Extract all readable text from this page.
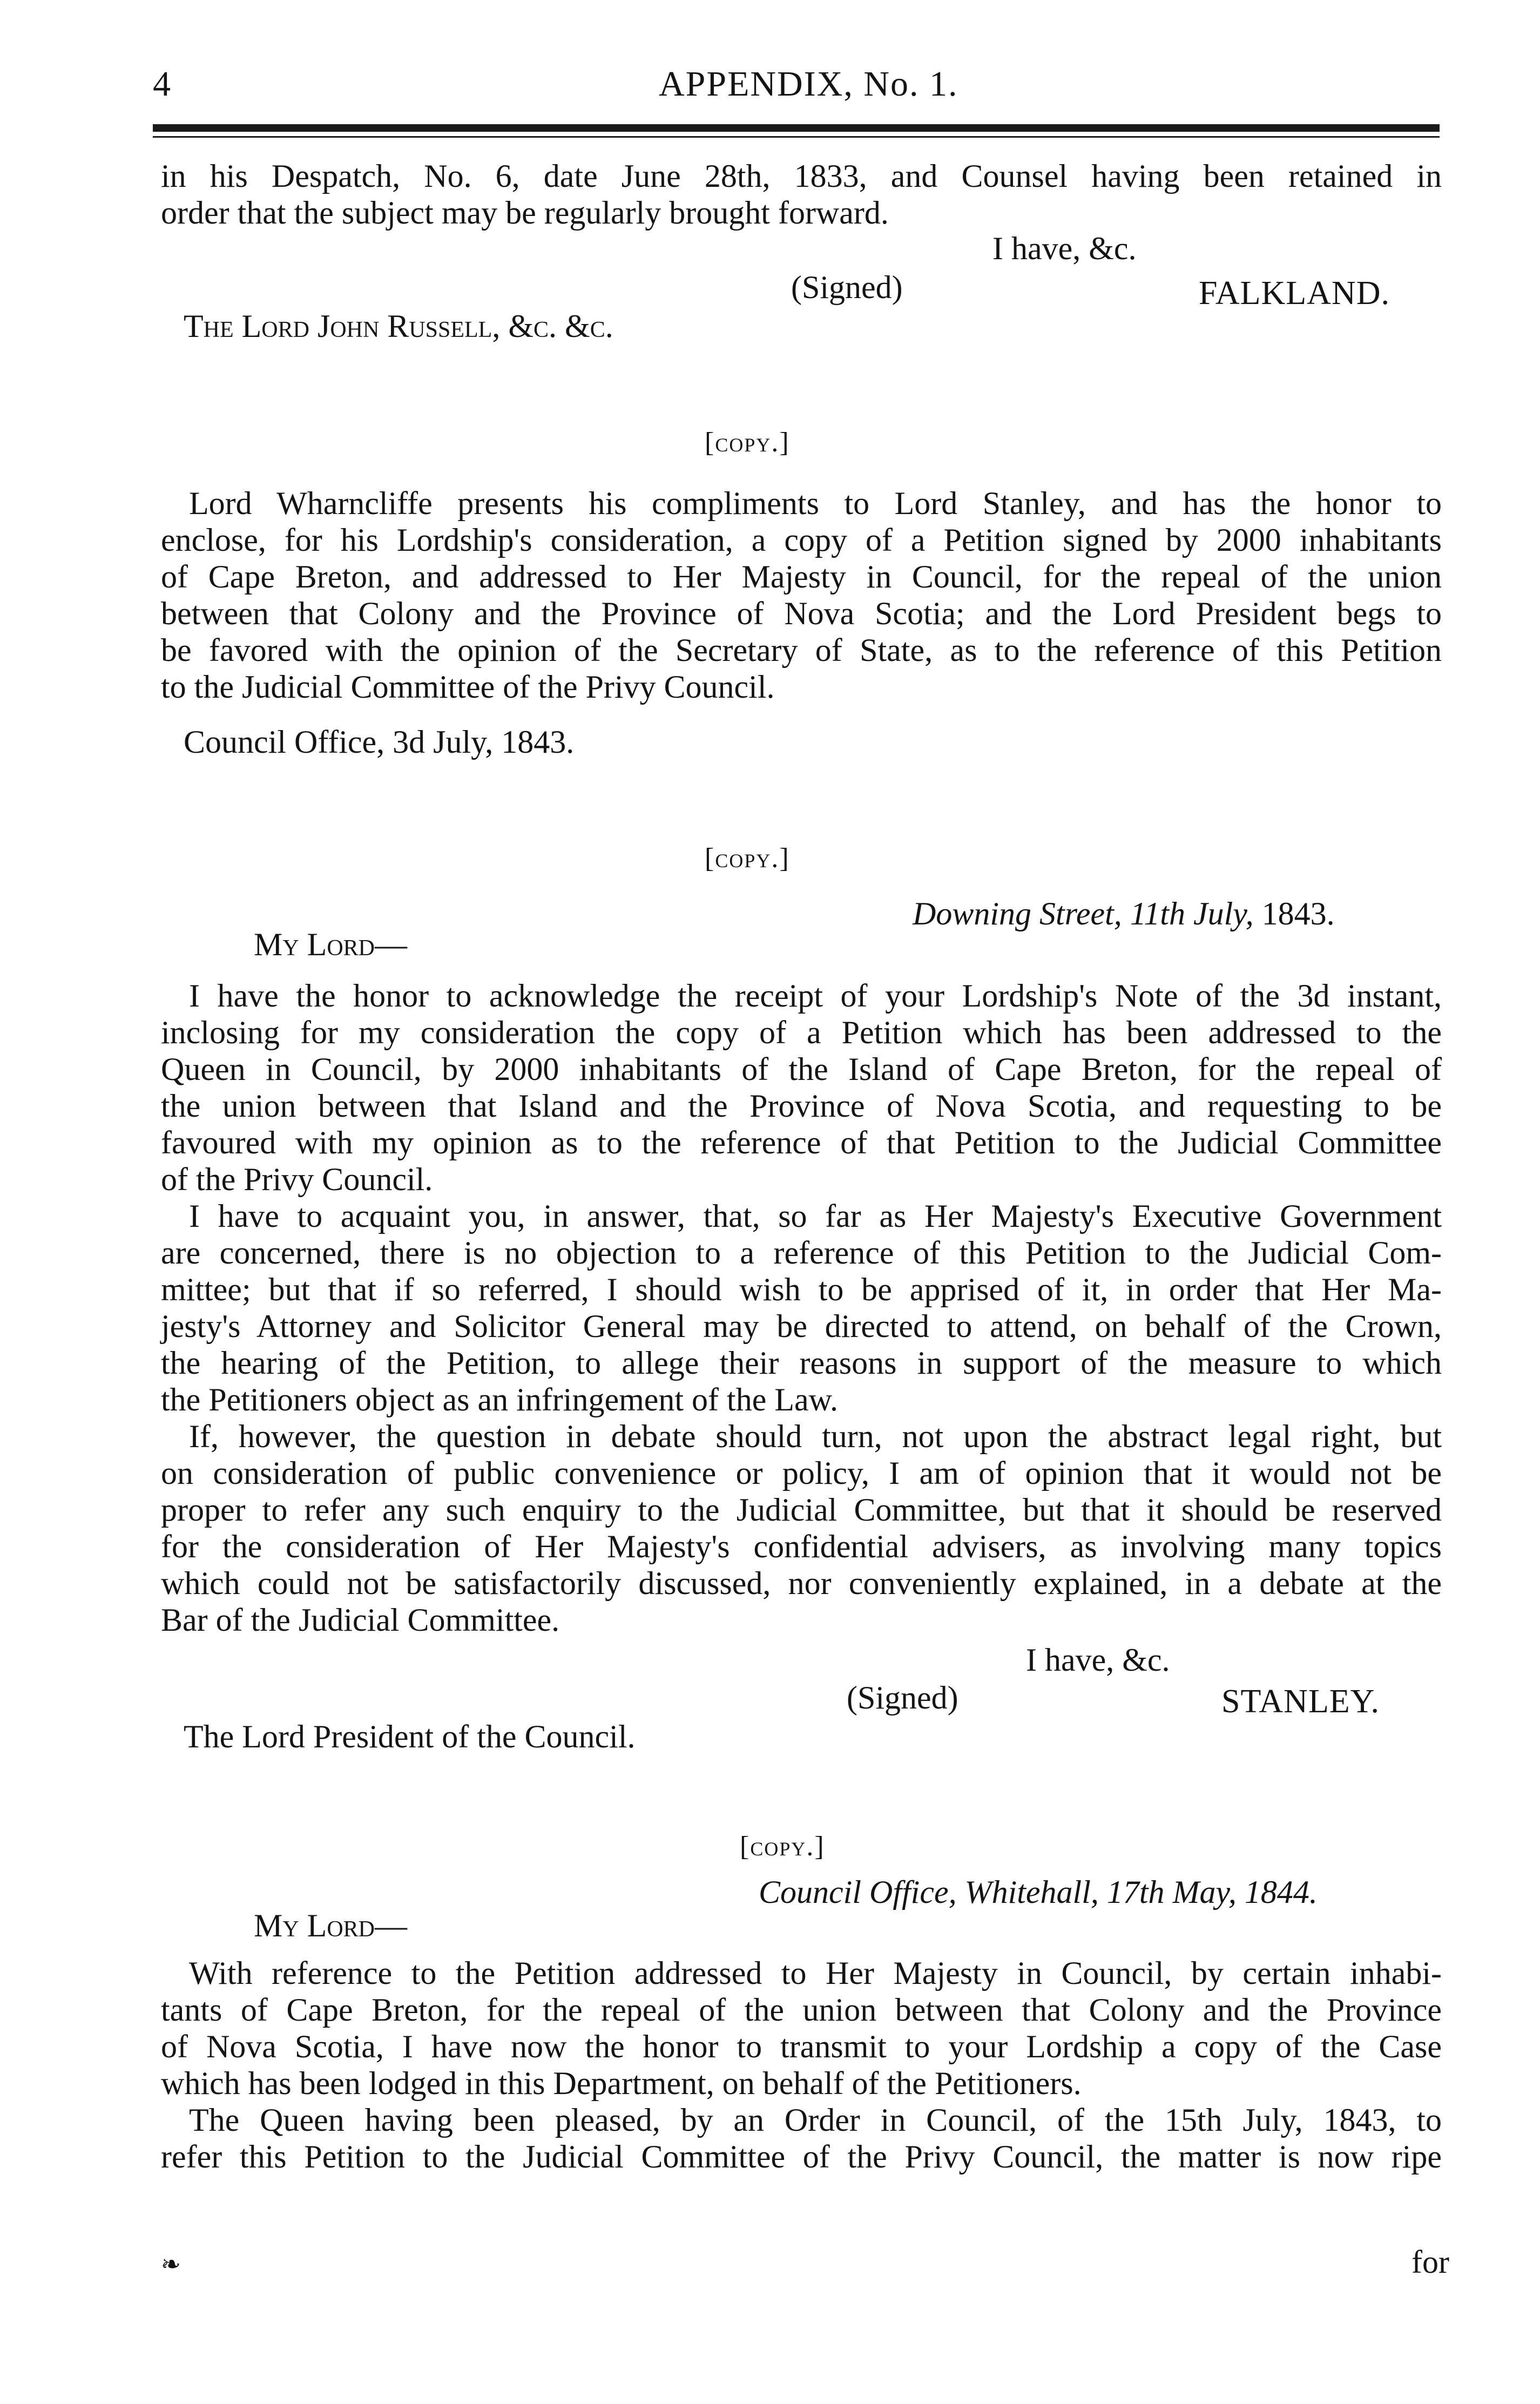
4	APPENDIX, No. 1.
in his Despatch, No. 6, date June 28th, 1833, and Counsel having been retained in
order that the subject may be regularly brought forward.
I have, &c.
(Signed)	FALKLAND.
The Lord John Russell, &c. &c.
[copy.]
Lord Wharncliffe presents his compliments to Lord Stanley, and has the honor to
enclose, for his Lordship's consideration, a copy of a Petition signed by 2000 inhabitants
of Cape Breton, and addressed to Her Majesty in Council, for the repeal of the union
between that Colony and the Province of Nova Scotia; and the Lord President begs to
be favored with the opinion of the Secretary of State, as to the reference of this Petition
to the Judicial Committee of the Privy Council.
Council Office, 3d July, 1843.
[copy.]
Downing Street, 11th July, 1843.
My Lord—
I have the honor to acknowledge the receipt of your Lordship's Note of the 3d instant,
inclosing for my consideration the copy of a Petition which has been addressed to the
Queen in Council, by 2000 inhabitants of the Island of Cape Breton, for the repeal of
the union between that Island and the Province of Nova Scotia, and requesting to be
favoured with my opinion as to the reference of that Petition to the Judicial Committee
of the Privy Council.
I have to acquaint you, in answer, that, so far as Her Majesty's Executive Government
are concerned, there is no objection to a reference of this Petition to the Judicial Com-
mittee; but that if so referred, I should wish to be apprised of it, in order that Her Ma-
jesty's Attorney and Solicitor General may be directed to attend, on behalf of the Crown,
the hearing of the Petition, to allege their reasons in support of the measure to which
the Petitioners object as an infringement of the Law.
If, however, the question in debate should turn, not upon the abstract legal right, but
on consideration of public convenience or policy, I am of opinion that it would not be
proper to refer any such enquiry to the Judicial Committee, but that it should be reserved
for the consideration of Her Majesty's confidential advisers, as involving many topics
which could not be satisfactorily discussed, nor conveniently explained, in a debate at the
Bar of the Judicial Committee.
I have, &c.
(Signed)	STANLEY.
The Lord President of the Council.
[copy.]
Council Office, Whitehall, 17th May, 1844.
My Lord—
With reference to the Petition addressed to Her Majesty in Council, by certain inhabi-
tants of Cape Breton, for the repeal of the union between that Colony and the Province
of Nova Scotia, I have now the honor to transmit to your Lordship a copy of the Case
which has been lodged in this Department, on behalf of the Petitioners.
The Queen having been pleased, by an Order in Council, of the 15th July, 1843, to
refer this Petition to the Judicial Committee of the Privy Council, the matter is now ripe
❧	for
